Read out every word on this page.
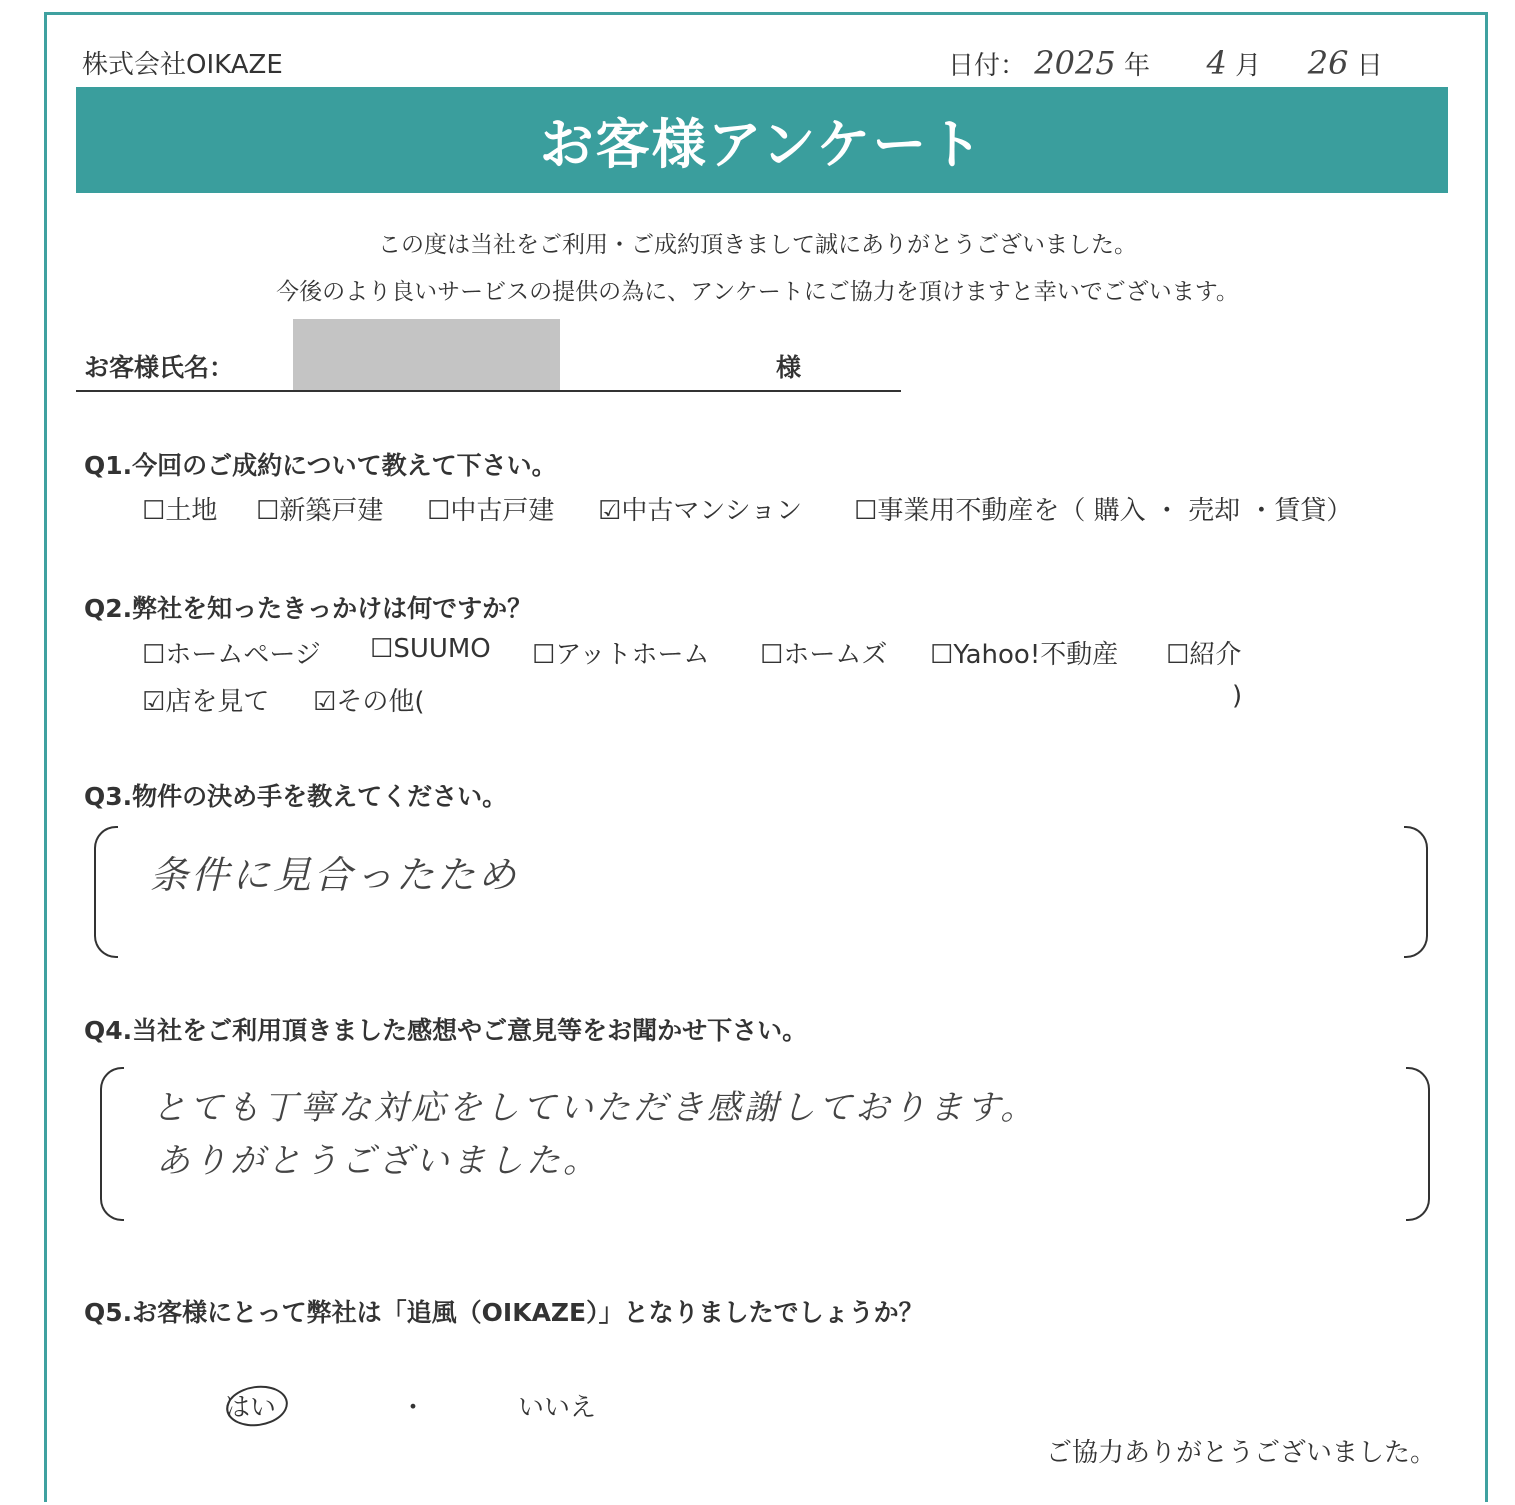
株式会社OIKAZE	日付： 2025 年 4 月 26 日
お客様アンケート
この度は当社をご利用・ご成約頂きまして誠にありがとうございました。
今後のより良いサービスの提供の為に、アンケートにご協力を頂けますと幸いでございます。
お客様氏名：	様
Q1.今回のご成約について教えて下さい。
☐土地 ☐新築戸建 ☐中古戸建 ☑中古マンション ☐事業用不動産を（ 購入 ・ 売却 ・賃貸）
Q2.弊社を知ったきっかけは何ですか？
☐ホームページ ☐SUUMO ☐アットホーム ☐ホームズ ☐Yahoo!不動産 ☐紹介
☑店を見て ☑その他(	)
Q3.物件の決め手を教えてください。
条件に見合ったため
Q4.当社をご利用頂きました感想やご意見等をお聞かせ下さい。
とても丁寧な対応をしていただき感謝しております。
ありがとうございました。
Q5.お客様にとって弊社は「追風（OIKAZE）」となりましたでしょうか？
はい	・	いいえ
ご協力ありがとうございました。
